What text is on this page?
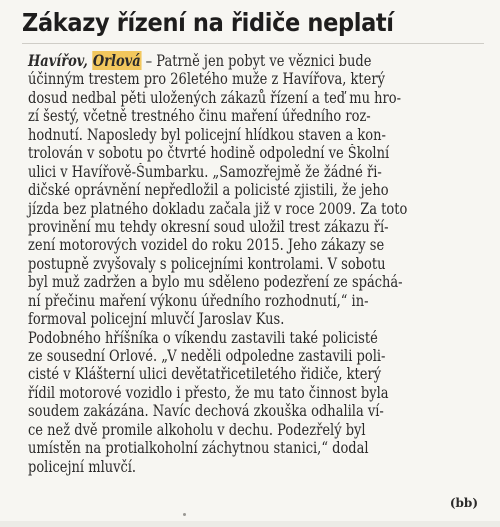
Zákazy řízení na řidiče neplatí
Havířov, Orlová – Patrně jen pobyt ve věznici bude
účinným trestem pro 26letého muže z Havířova, který
dosud nedbal pěti uložených zákazů řízení a teď mu hro-
zí šestý, včetně trestného činu maření úředního roz-
hodnutí. Naposledy byl policejní hlídkou staven a kon-
trolován v sobotu po čtvrté hodině odpolední ve Školní
ulici v Havířově-Šumbarku. „Samozřejmě že žádné ři-
dičské oprávnění nepředložil a policisté zjistili, že jeho
jízda bez platného dokladu začala již v roce 2009. Za toto
provinění mu tehdy okresní soud uložil trest zákazu ří-
zení motorových vozidel do roku 2015. Jeho zákazy se
postupně zvyšovaly s policejními kontrolami. V sobotu
byl muž zadržen a bylo mu sděleno podezření ze spáchá-
ní přečinu maření výkonu úředního rozhodnutí,“ in-
formoval policejní mluvčí Jaroslav Kus.
Podobného hříšníka o víkendu zastavili také policisté
ze sousední Orlové. „V neděli odpoledne zastavili poli-
cisté v Klášterní ulici devětatřicetiletého řidiče, který
řídil motorové vozidlo i přesto, že mu tato činnost byla
soudem zakázána. Navíc dechová zkouška odhalila ví-
ce než dvě promile alkoholu v dechu. Podezřelý byl
umístěn na protialkoholní záchytnou stanici,“ dodal
policejní mluvčí.
(bb)
